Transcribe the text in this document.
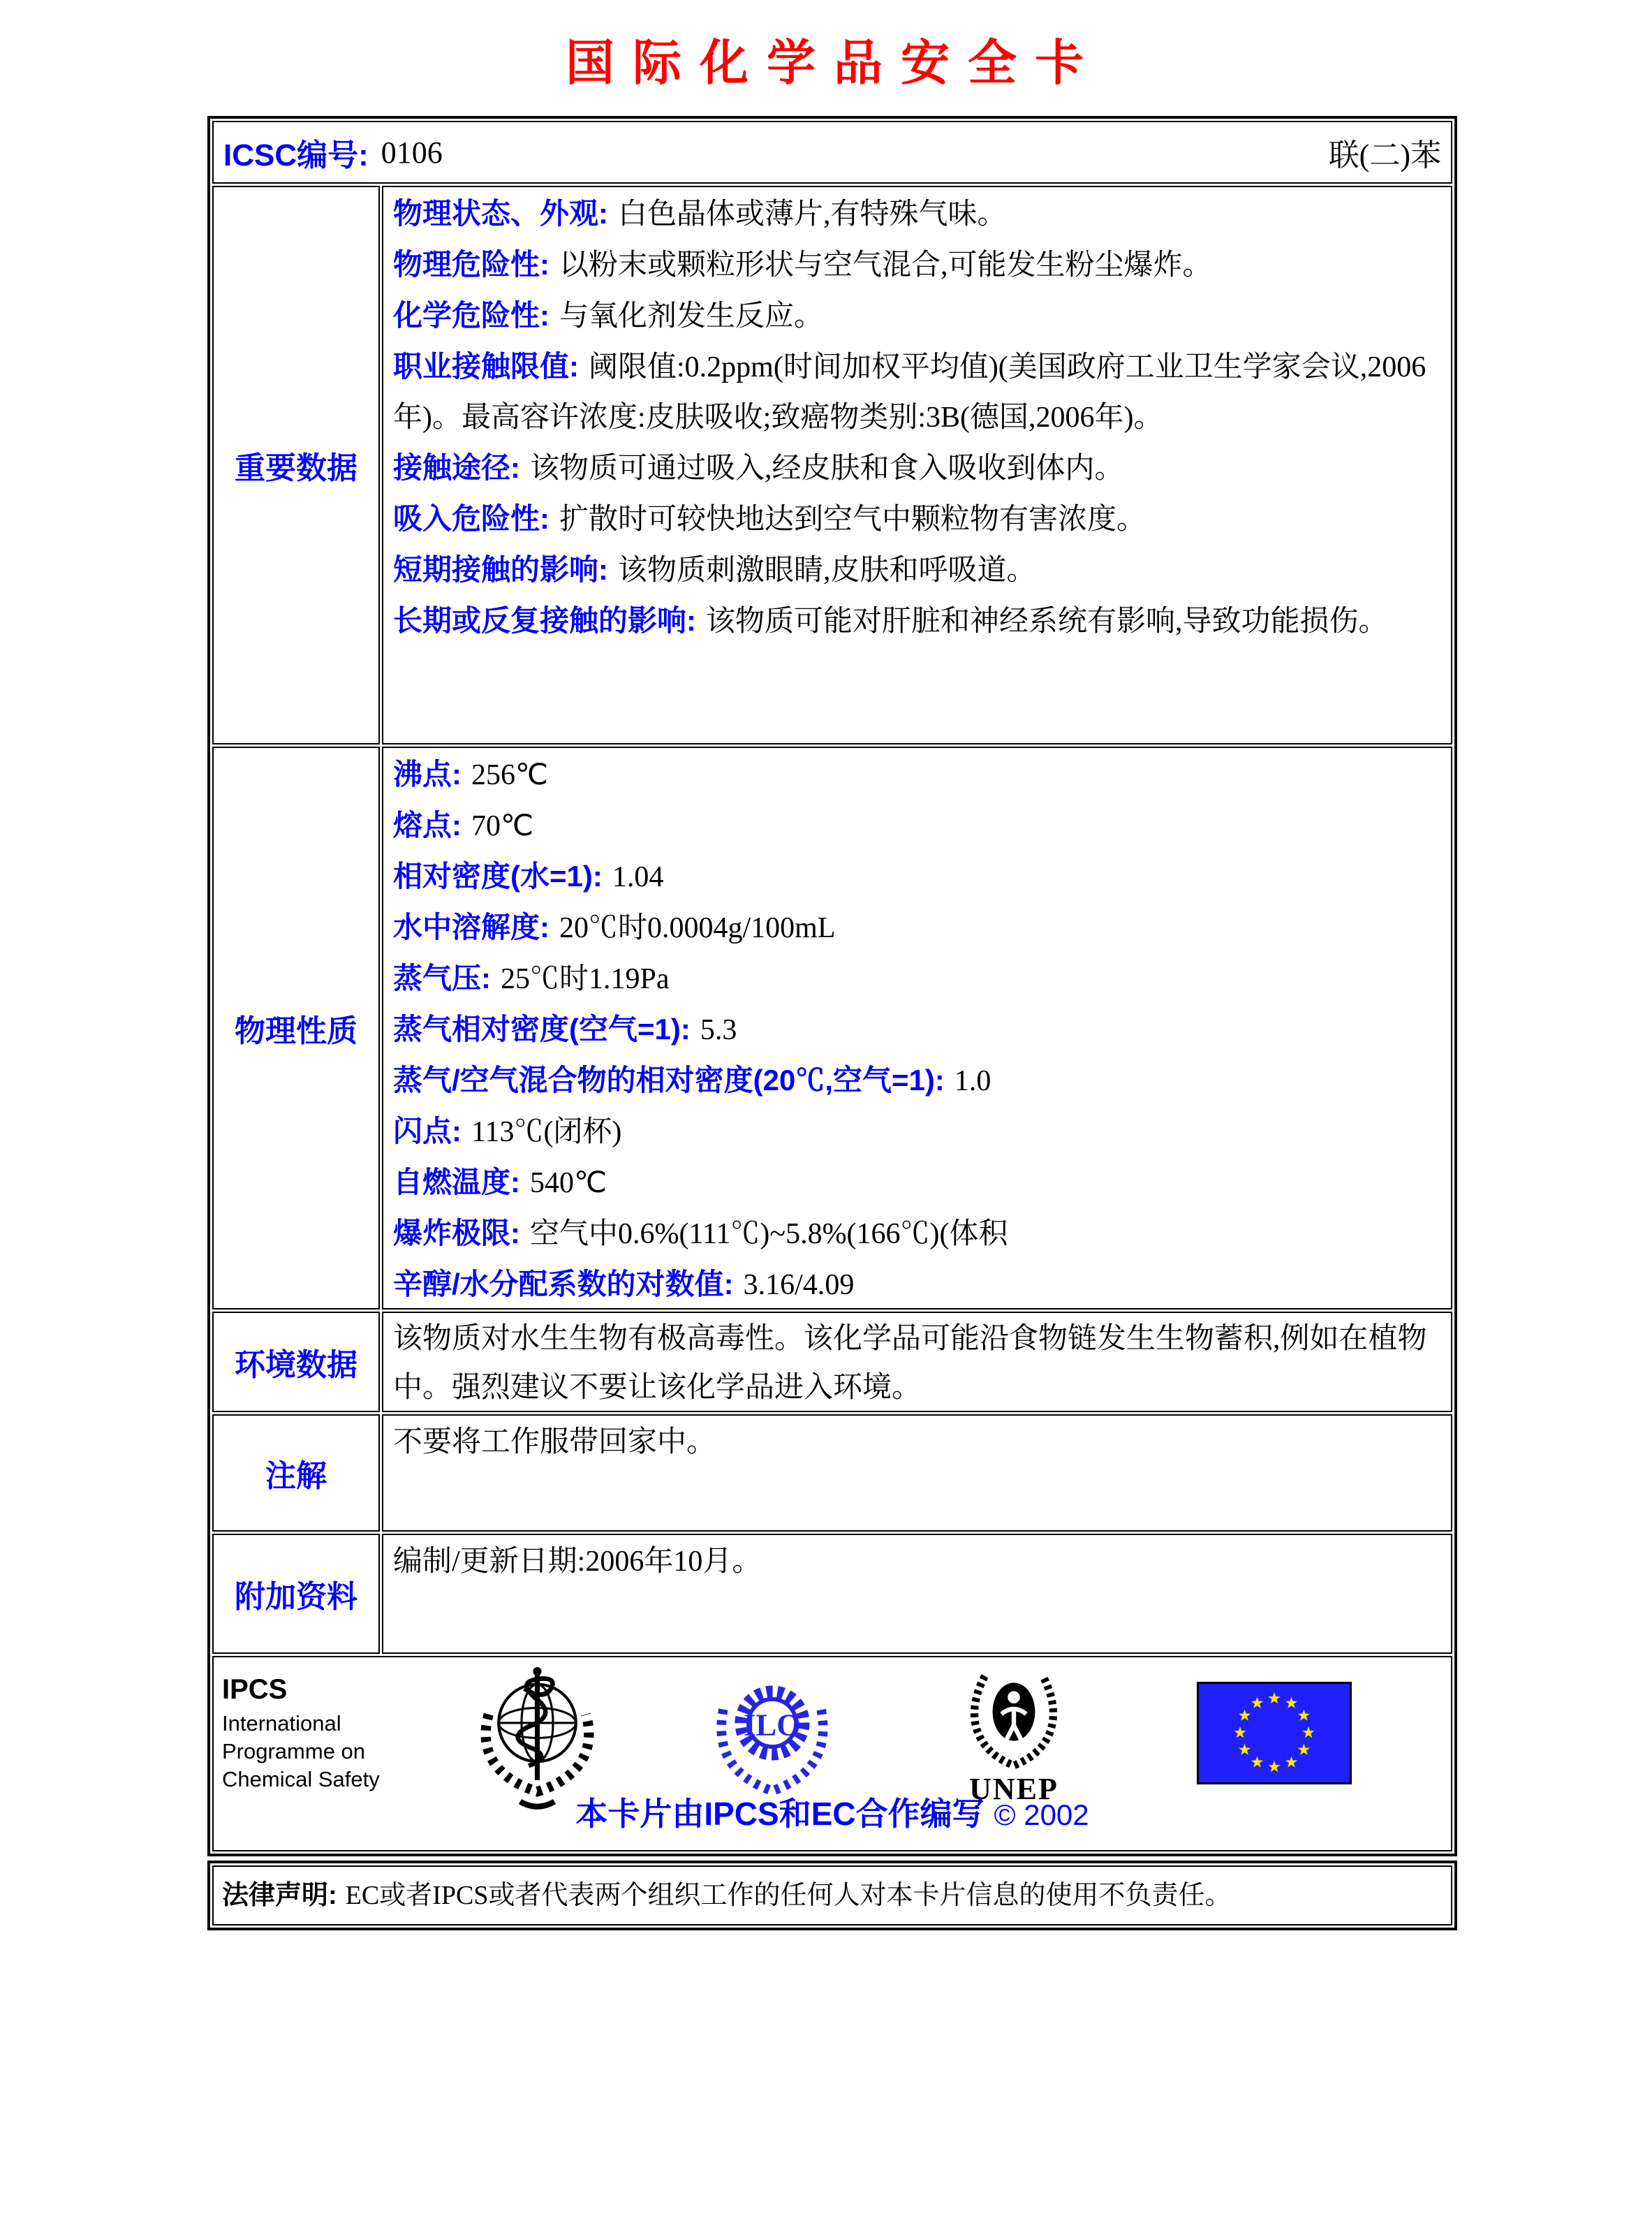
国际化学品安全卡
ICSC编号: 0106	联(二)苯
重要数据

物理状态、外观: 白色晶体或薄片,有特殊气味。

物理危险性: 以粉末或颗粒形状与空气混合,可能发生粉尘爆炸。

化学危险性: 与氧化剂发生反应。

职业接触限值: 阈限值:0.2ppm(时间加权平均值)(美国政府工业卫生学家会议,2006年)。最高容许浓度:皮肤吸收;致癌物类别:3B(德国,2006年)。

接触途径: 该物质可通过吸入,经皮肤和食入吸收到体内。

吸入危险性: 扩散时可较快地达到空气中颗粒物有害浓度。

短期接触的影响: 该物质刺激眼睛,皮肤和呼吸道。

长期或反复接触的影响: 该物质可能对肝脏和神经系统有影响,导致功能损伤。

物理性质

沸点: 256℃

熔点: 70℃

相对密度(水=1): 1.04

水中溶解度: 20℃时0.0004g/100mL

蒸气压: 25℃时1.19Pa

蒸气相对密度(空气=1): 5.3

蒸气/空气混合物的相对密度(20℃,空气=1): 1.0

闪点: 113℃(闭杯)

自燃温度: 540℃

爆炸极限: 空气中0.6%(111℃)~5.8%(166℃)(体积

辛醇/水分配系数的对数值: 3.16/4.09

环境数据

该物质对水生生物有极高毒性。该化学品可能沿食物链发生生物蓄积,例如在植物中。强烈建议不要让该化学品进入环境。

注解

不要将工作服带回家中。

附加资料

编制/更新日期:2006年10月。

IPCS
International
Programme on
Chemical Safety
ILO
UNEP
本卡片由IPCS和EC合作编写 © 2002

法律声明: EC或者IPCS或者代表两个组织工作的任何人对本卡片信息的使用不负责任。
